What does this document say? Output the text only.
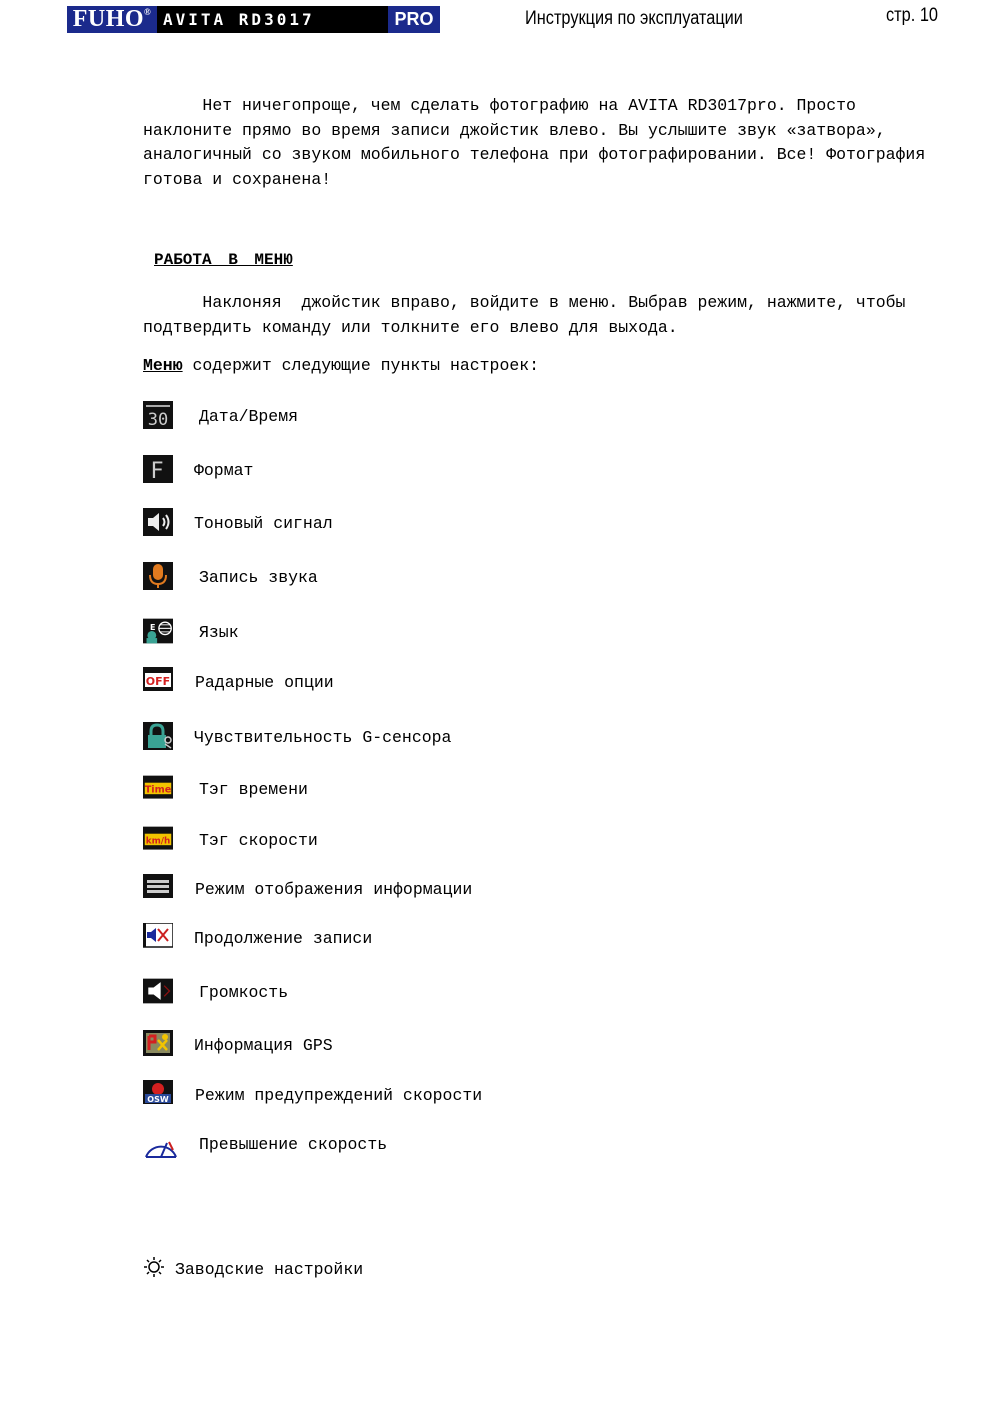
FUHO® AVITA RD3017	PRO	Инструкция по эксплуатации	стр. 10
Нет ничегопроще, чем сделать фотографию на AVITA RD3017pro. Просто наклоните прямо во время записи джойстик влево. Вы услышите звук «затвора», аналогичный со звуком мобильного телефона при фотографировании. Все! Фотография готова и сохранена!
РАБОТА В МЕНЮ
Наклоняя  джойстик вправо, войдите в меню. Выбрав режим, нажмите, чтобы подтвердить команду или толкните его влево для выхода.
Меню содержит следующие пункты настроек:
30 Дата/Время
F Формат
Тоновый сигнал
Запись звука
E	Язык
OFF Радарные опции
Чувствительность G-сенсора
Time Тэг времени
km/h Тэг скорости
Режим отображения информации
Продолжение записи
Громкость
Информация GPS
OSW Режим предупреждений скорости
Превышение скорость
Заводские настройки
